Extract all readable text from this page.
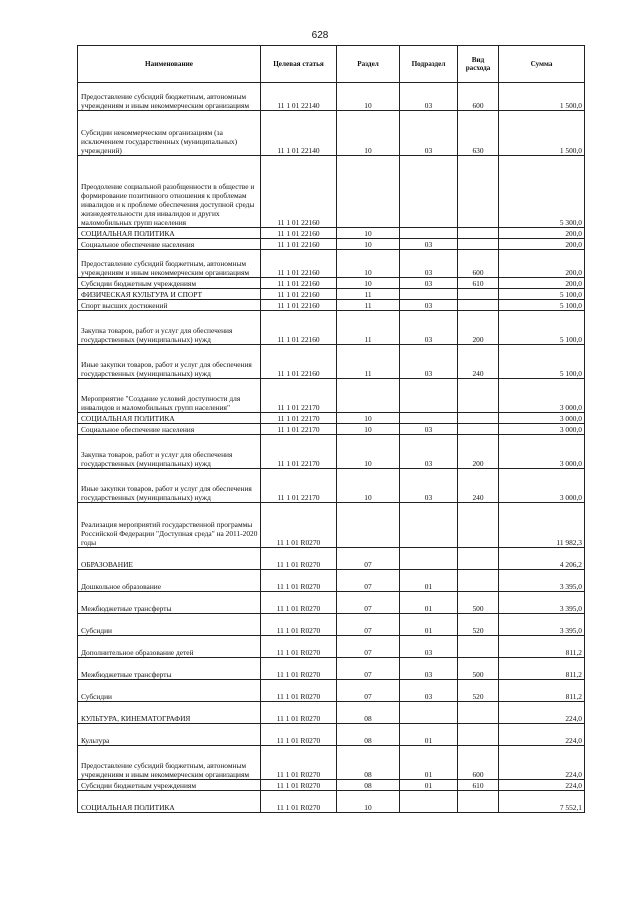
628
Наименование	Целевая статья	Раздел	Подраздел	Вид расхода	Сумма
Предоставление субсидий бюджетным, автономным учреждениям и иным некоммерческим организациям	11 1 01 22140	10	03	600	1 500,0
Субсидии некоммерческим организациям (за исключением государственных (муниципальных) учреждений)	11 1 01 22140	10	03	630	1 500,0
Преодоление социальной разобщенности в обществе и формирование позитивного отношения к проблемам инвалидов и к проблеме обеспечения доступной среды жизнедеятельности для инвалидов и других маломобильных групп населения	11 1 01 22160				5 300,0
СОЦИАЛЬНАЯ ПОЛИТИКА	11 1 01 22160	10			200,0
Социальное обеспечение населения	11 1 01 22160	10	03		200,0
Предоставление субсидий бюджетным, автономным учреждениям и иным некоммерческим организациям	11 1 01 22160	10	03	600	200,0
Субсидии бюджетным учреждениям	11 1 01 22160	10	03	610	200,0
ФИЗИЧЕСКАЯ КУЛЬТУРА И СПОРТ	11 1 01 22160	11			5 100,0
Спорт высших достижений	11 1 01 22160	11	03		5 100,0
Закупка товаров, работ и услуг для обеспечения государственных (муниципальных) нужд	11 1 01 22160	11	03	200	5 100,0
Иные закупки товаров, работ и услуг для обеспечения государственных (муниципальных) нужд	11 1 01 22160	11	03	240	5 100,0
Мероприятие "Создание условий доступности для инвалидов и маломобильных групп населения"	11 1 01 22170				3 000,0
СОЦИАЛЬНАЯ ПОЛИТИКА	11 1 01 22170	10			3 000,0
Социальное обеспечение населения	11 1 01 22170	10	03		3 000,0
Закупка товаров, работ и услуг для обеспечения государственных (муниципальных) нужд	11 1 01 22170	10	03	200	3 000,0
Иные закупки товаров, работ и услуг для обеспечения государственных (муниципальных) нужд	11 1 01 22170	10	03	240	3 000,0
Реализация мероприятий государственной программы Российской Федерации "Доступная среда" на 2011-2020 годы	11 1 01 R0270				11 982,3
ОБРАЗОВАНИЕ	11 1 01 R0270	07			4 206,2
Дошкольное образование	11 1 01 R0270	07	01		3 395,0
Межбюджетные трансферты	11 1 01 R0270	07	01	500	3 395,0
Субсидии	11 1 01 R0270	07	01	520	3 395,0
Дополнительное образование детей	11 1 01 R0270	07	03		811,2
Межбюджетные трансферты	11 1 01 R0270	07	03	500	811,2
Субсидии	11 1 01 R0270	07	03	520	811,2
КУЛЬТУРА, КИНЕМАТОГРАФИЯ	11 1 01 R0270	08			224,0
Культура	11 1 01 R0270	08	01		224,0
Предоставление субсидий бюджетным, автономным учреждениям и иным некоммерческим организациям	11 1 01 R0270	08	01	600	224,0
Субсидии бюджетным учреждениям	11 1 01 R0270	08	01	610	224,0
СОЦИАЛЬНАЯ ПОЛИТИКА	11 1 01 R0270	10			7 552,1
